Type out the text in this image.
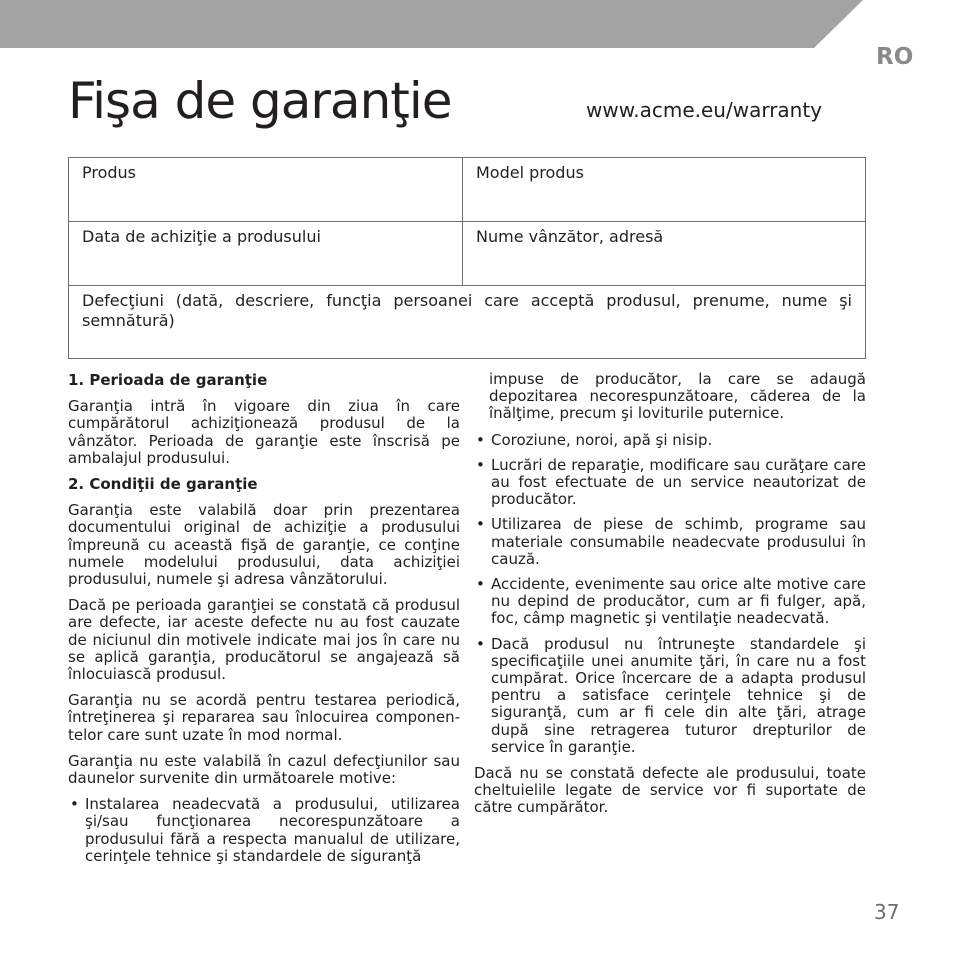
RO
Fişa de garanţie	www.acme.eu/warranty
Produs	Model produs
Data de achiziţie a produsului	Nume vânzător, adresă
Defecţiuni (dată, descriere, funcţia persoanei care acceptă produsul, prenume, nume şi semnătură)
1. Perioada de garanţie

Garanţia intră în vigoare din ziua în care cumpărătorul achiziţionează produsul de la vânzător. Perioada de garanţie este înscrisă pe ambalajul produsului.

2. Condiţii de garanţie

Garanţia este valabilă doar prin prezentarea documentului original de achiziţie a produsului împreună cu această fişă de garanţie, ce conţine numele modelului produsului, data achiziţiei produsului, numele şi adresa vânzătorului.

Dacă pe perioada garanţiei se constată că produsul are defecte, iar aceste defecte nu au fost cauzate de niciunul din motivele indicate mai jos în care nu se aplică garanţia, producătorul se angajează să înlocuiască produsul.

Garanţia nu se acordă pentru testarea periodică, întreţinerea şi repararea sau înlocuirea componen- telor care sunt uzate în mod normal.

Garanţia nu este valabilă în cazul defecţiunilor sau daunelor survenite din următoarele motive:

• Instalarea neadecvată a produsului, utilizarea şi/sau funcţionarea necorespunzătoare a produsului fără a respecta manualul de utilizare, cerinţele tehnice şi standardele de siguranţă

impuse de producător, la care se adaugă depozitarea necorespunzătoare, căderea de la înălţime, precum şi loviturile puternice.

• Coroziune, noroi, apă şi nisip.
• Lucrări de reparaţie, modificare sau curăţare care au fost efectuate de un service neautorizat de producător.
• Utilizarea de piese de schimb, programe sau materiale consumabile neadecvate produsului în cauză.
• Accidente, evenimente sau orice alte motive care nu depind de producător, cum ar fi fulger, apă, foc, câmp magnetic şi ventilaţie neadecvată.
• Dacă produsul nu întruneşte standardele şi specificaţiile unei anumite ţări, în care nu a fost cumpărat. Orice încercare de a adapta produsul pentru a satisface cerinţele tehnice şi de siguranţă, cum ar fi cele din alte ţări, atrage după sine retragerea tuturor drepturilor de service în garanţie.

Dacă nu se constată defecte ale produsului, toate cheltuielile legate de service vor fi suportate de către cumpărător.

37
